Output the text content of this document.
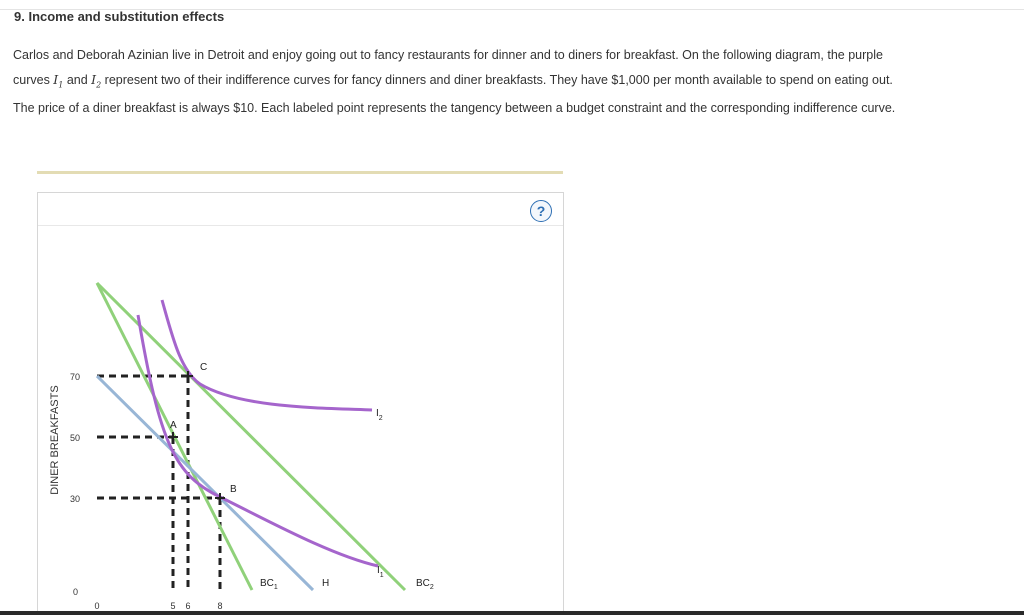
9. Income and substitution effects
Carlos and Deborah Azinian live in Detroit and enjoy going out to fancy restaurants for dinner and to diners for breakfast. On the following diagram, the purple curves $I_1$ and $I_2$ represent two of their indifference curves for fancy dinners and diner breakfasts. They have $1,000 per month available to spend on eating out. The price of a diner breakfast is always $10. Each labeled point represents the tangency between a budget constraint and the corresponding indifference curve.
?
DINER BREAKFASTS
70
50
30
0
0	5 6	8
A
C
B
$I_2$
$I_1$
$BC_1$	H	$BC_2$
